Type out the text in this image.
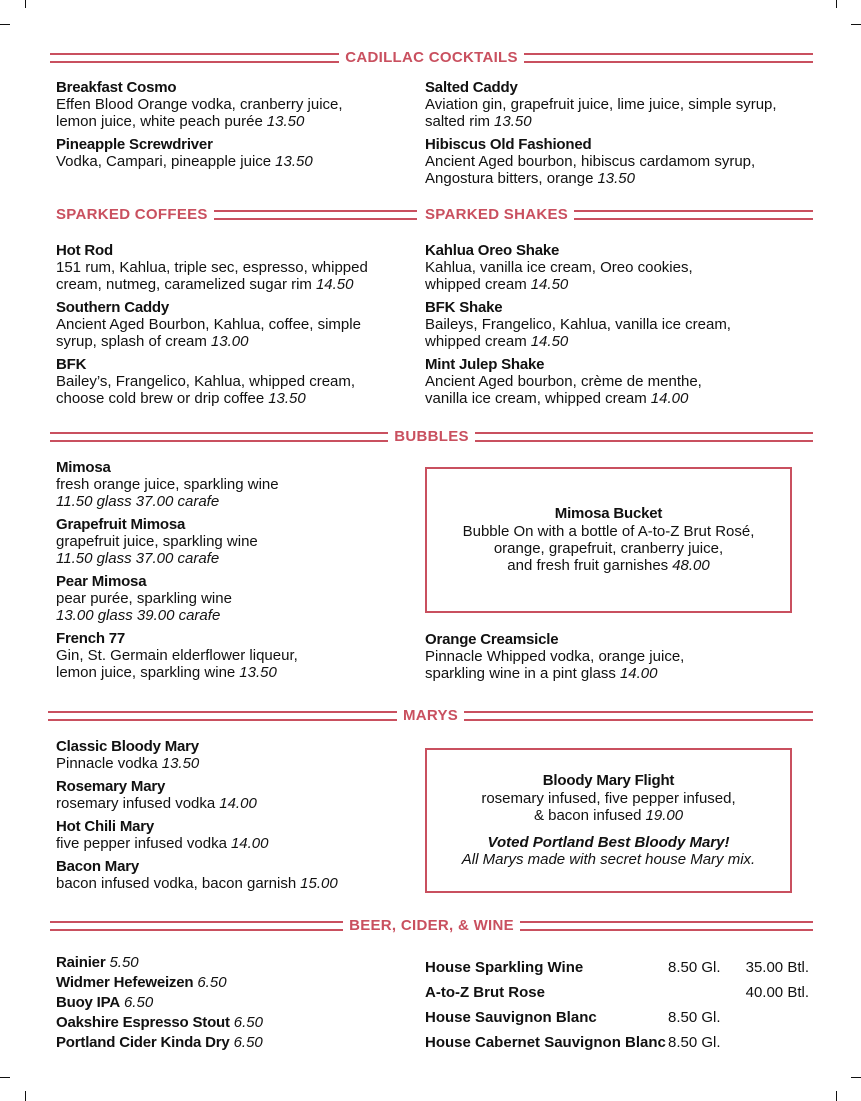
CADILLAC COCKTAILS
Breakfast Cosmo
Effen Blood Orange vodka, cranberry juice,
lemon juice, white peach purée 13.50
Pineapple Screwdriver
Vodka, Campari, pineapple juice 13.50
Salted Caddy
Aviation gin, grapefruit juice, lime juice, simple syrup,
salted rim 13.50
Hibiscus Old Fashioned
Ancient Aged bourbon, hibiscus cardamom syrup,
Angostura bitters, orange 13.50
SPARKED COFFEES	SPARKED SHAKES
Hot Rod
151 rum, Kahlua, triple sec, espresso, whipped
cream, nutmeg, caramelized sugar rim 14.50
Southern Caddy
Ancient Aged Bourbon, Kahlua, coffee, simple
syrup, splash of cream 13.00
BFK
Bailey’s, Frangelico, Kahlua, whipped cream,
choose cold brew or drip coffee 13.50
Kahlua Oreo Shake
Kahlua, vanilla ice cream, Oreo cookies,
whipped cream 14.50
BFK Shake
Baileys, Frangelico, Kahlua, vanilla ice cream,
whipped cream 14.50
Mint Julep Shake
Ancient Aged bourbon, crème de menthe,
vanilla ice cream, whipped cream 14.00
BUBBLES
Mimosa
fresh orange juice, sparkling wine
11.50 glass 37.00 carafe
Grapefruit Mimosa
grapefruit juice, sparkling wine
11.50 glass 37.00 carafe
Pear Mimosa
pear purée, sparkling wine
13.00 glass 39.00 carafe
French 77
Gin, St. Germain elderflower liqueur,
lemon juice, sparkling wine 13.50
Mimosa Bucket
Bubble On with a bottle of A-to-Z Brut Rosé,
orange, grapefruit, cranberry juice,
and fresh fruit garnishes 48.00
Orange Creamsicle
Pinnacle Whipped vodka, orange juice,
sparkling wine in a pint glass 14.00
MARYS
Classic Bloody Mary
Pinnacle vodka 13.50
Rosemary Mary
rosemary infused vodka 14.00
Hot Chili Mary
five pepper infused vodka 14.00
Bacon Mary
bacon infused vodka, bacon garnish 15.00
Bloody Mary Flight
rosemary infused, five pepper infused,
& bacon infused 19.00
Voted Portland Best Bloody Mary!
All Marys made with secret house Mary mix.
BEER, CIDER, & WINE
Rainier 5.50
Widmer Hefeweizen 6.50
Buoy IPA 6.50
Oakshire Espresso Stout 6.50
Portland Cider Kinda Dry 6.50
House Sparkling Wine	8.50 Gl. 35.00 Btl.
A-to-Z Brut Rose	40.00 Btl.
House Sauvignon Blanc	8.50 Gl.
House Cabernet Sauvignon Blanc 8.50 Gl.
